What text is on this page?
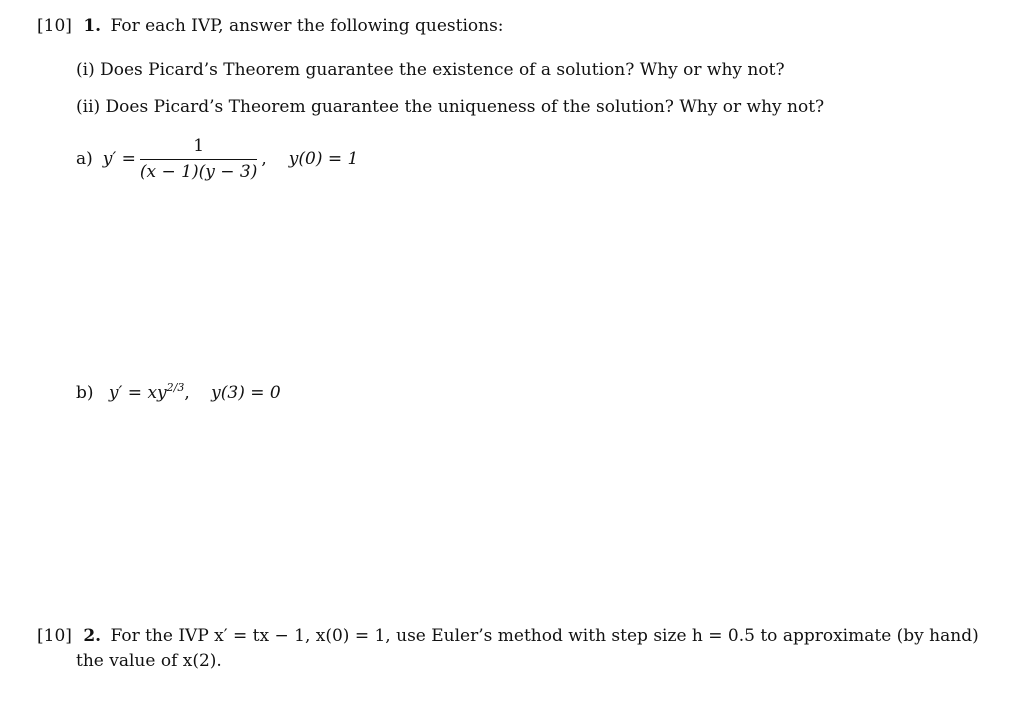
[10] 1. For each IVP, answer the following questions:
(i) Does Picard’s Theorem guarantee the existence of a solution? Why or why not?
(ii) Does Picard’s Theorem guarantee the uniqueness of the solution? Why or why not?
a) $y' = \frac{1}{(x - 1)(y - 3)}$ , y(0) = 1
b) $y' = xy^{2/3}$, y(3) = 0
[10] 2. For the IVP x′ = tx − 1, x(0) = 1, use Euler’s method with step size h = 0.5 to approximate (by hand)
the value of x(2).
